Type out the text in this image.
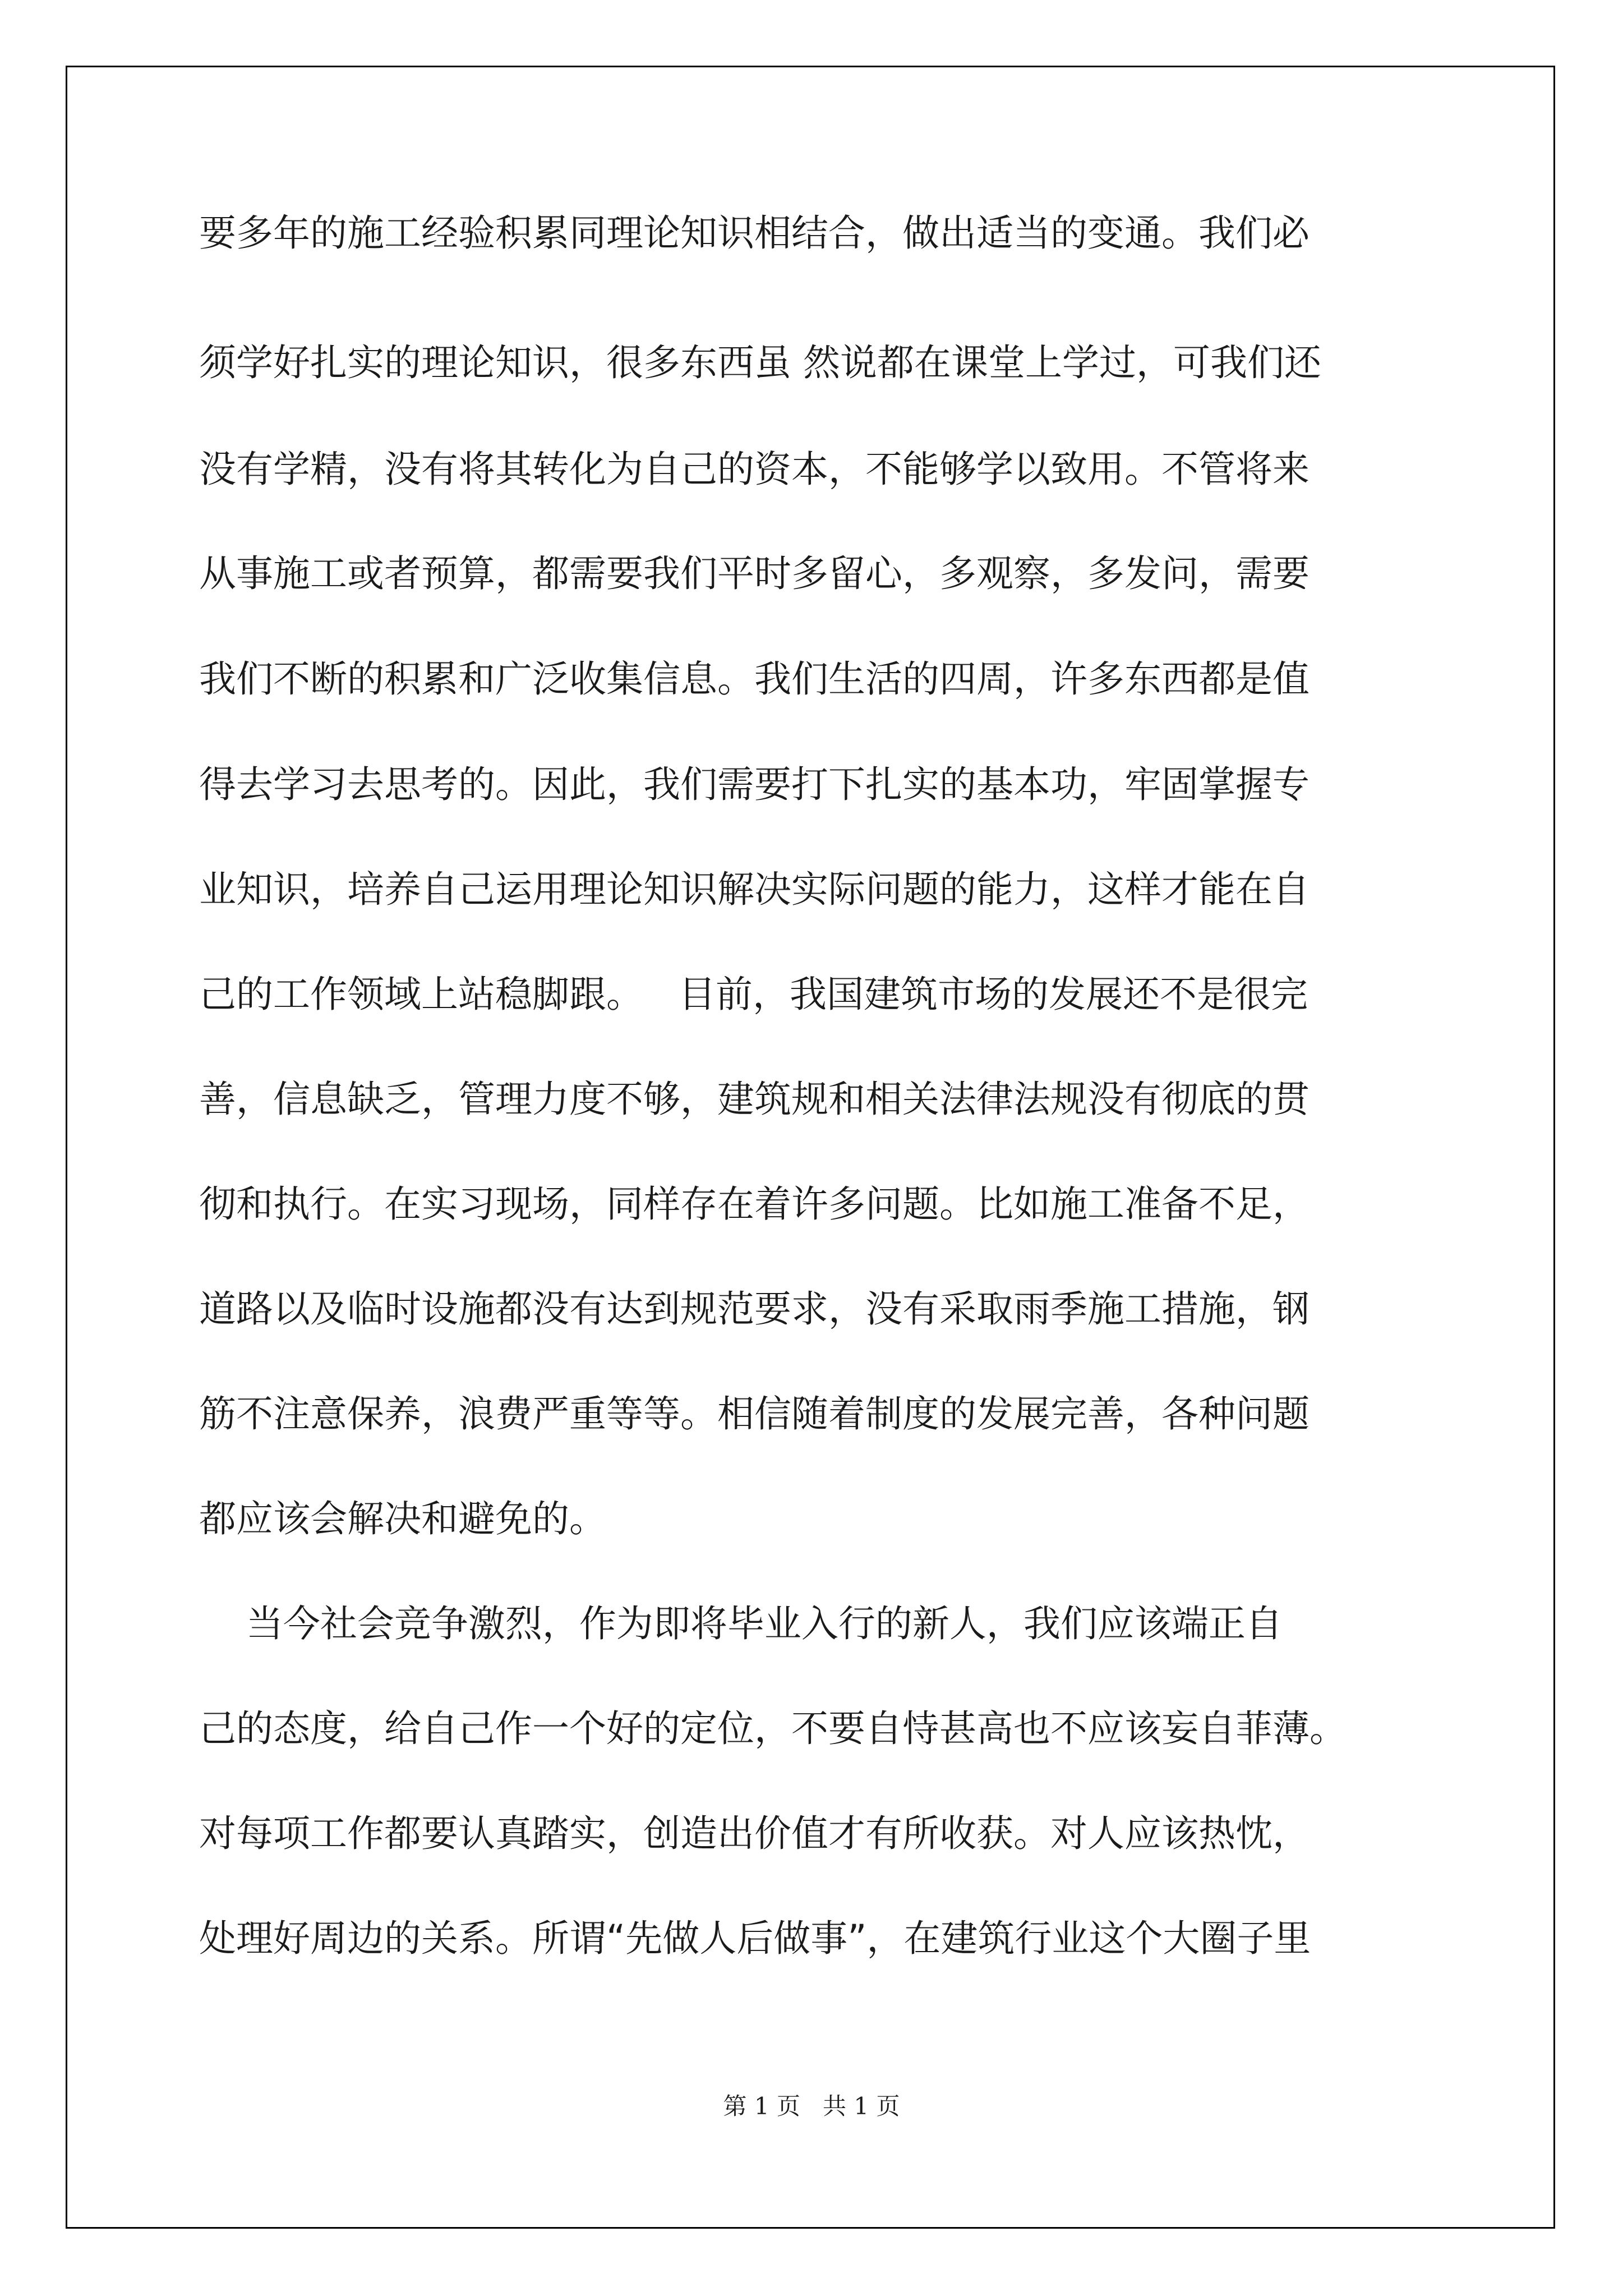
要多年的施工经验积累同理论知识相结合，做出适当的变通。我们必
须学好扎实的理论知识，很多东西虽 然说都在课堂上学过，可我们还
没有学精，没有将其转化为自己的资本，不能够学以致用。不管将来
从事施工或者预算，都需要我们平时多留心，多观察，多发问，需要
我们不断的积累和广泛收集信息。我们生活的四周，许多东西都是值
得去学习去思考的。因此，我们需要打下扎实的基本功，牢固掌握专
业知识，培养自己运用理论知识解决实际问题的能力，这样才能在自
己的工作领域上站稳脚跟。   目前，我国建筑市场的发展还不是很完
善，信息缺乏，管理力度不够，建筑规和相关法律法规没有彻底的贯
彻和执行。在实习现场，同样存在着许多问题。比如施工准备不足，
道路以及临时设施都没有达到规范要求，没有采取雨季施工措施，钢
筋不注意保养，浪费严重等等。相信随着制度的发展完善，各种问题
都应该会解决和避免的。
当今社会竞争激烈，作为即将毕业入行的新人，我们应该端正自
己的态度，给自己作一个好的定位，不要自恃甚高也不应该妄自菲薄。
对每项工作都要认真踏实，创造出价值才有所收获。对人应该热忱，
处理好周边的关系。所谓“先做人后做事”，在建筑行业这个大圈子里
第 1 页   共 1 页
